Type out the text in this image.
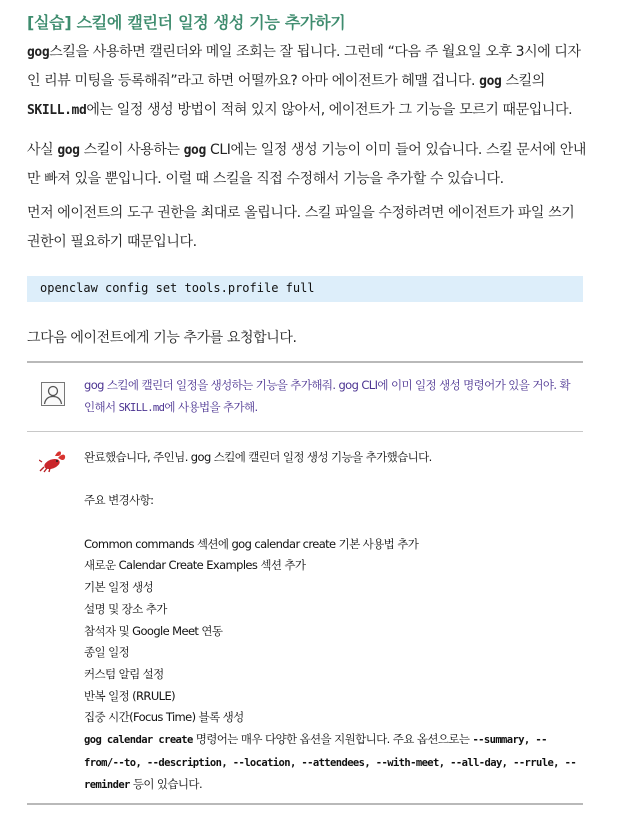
[실습] 스킬에 캘린더 일정 생성 기능 추가하기
gog스킬을 사용하면 캘린더와 메일 조회는 잘 됩니다. 그런데 “다음 주 월요일 오후 3시에 디자인 리뷰 미팅을 등록해줘”라고 하면 어떨까요? 아마 에이전트가 헤맬 겁니다. gog 스킬의 SKILL.md에는 일정 생성 방법이 적혀 있지 않아서, 에이전트가 그 기능을 모르기 때문입니다.
사실 gog 스킬이 사용하는 gog CLI에는 일정 생성 기능이 이미 들어 있습니다. 스킬 문서에 안내만 빠져 있을 뿐입니다. 이럴 때 스킬을 직접 수정해서 기능을 추가할 수 있습니다.
먼저 에이전트의 도구 권한을 최대로 올립니다. 스킬 파일을 수정하려면 에이전트가 파일 쓰기 권한이 필요하기 때문입니다.
openclaw config set tools.profile full
그다음 에이전트에게 기능 추가를 요청합니다.
gog 스킬에 캘린더 일정을 생성하는 기능을 추가해줘. gog CLI에 이미 일정 생성 명령어가 있을 거야. 확인해서 SKILL.md에 사용법을 추가해.
완료했습니다, 주인님. gog 스킬에 캘린더 일정 생성 기능을 추가했습니다.
주요 변경사항:
Common commands 섹션에 gog calendar create 기본 사용법 추가
새로운 Calendar Create Examples 섹션 추가
기본 일정 생성
설명 및 장소 추가
참석자 및 Google Meet 연동
종일 일정
커스텀 알림 설정
반복 일정 (RRULE)
집중 시간(Focus Time) 블록 생성
gog calendar create 명령어는 매우 다양한 옵션을 지원합니다. 주요 옵션으로는 --summary, --from/--to, --description, --location, --attendees, --with-meet, --all-day, --rrule, --reminder 등이 있습니다.
